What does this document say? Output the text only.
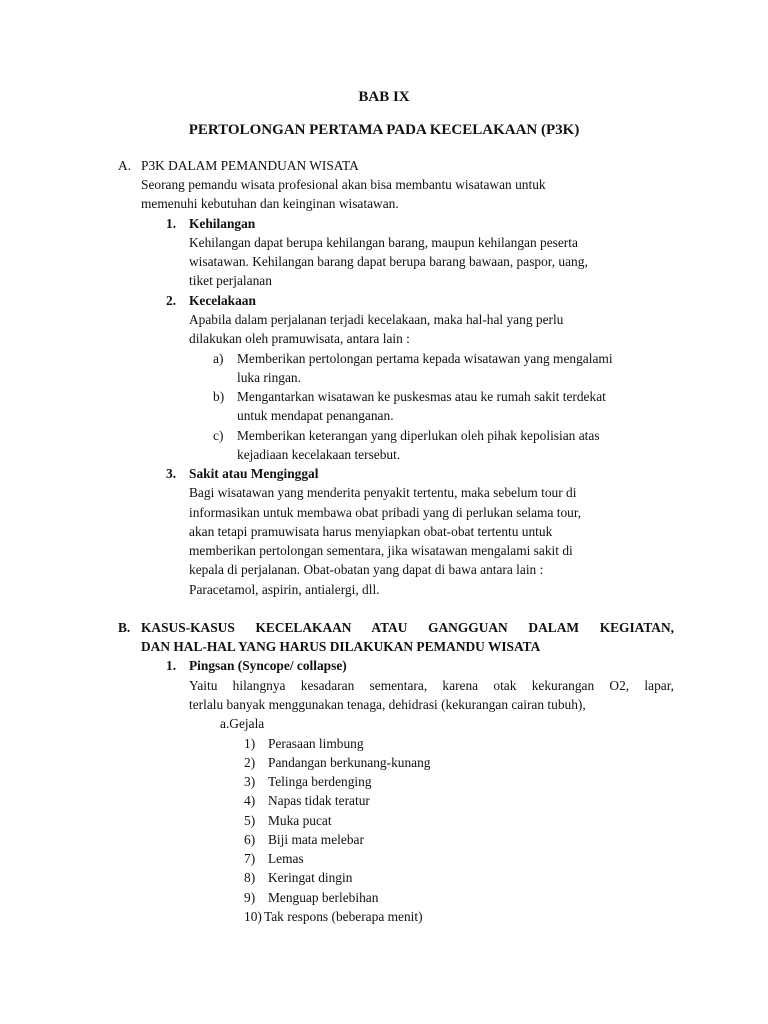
BAB IX
PERTOLONGAN PERTAMA PADA KECELAKAAN (P3K)
A. P3K DALAM PEMANDUAN WISATA
Seorang pemandu wisata profesional akan bisa membantu wisatawan untuk
memenuhi kebutuhan dan keinginan wisatawan.
1. Kehilangan
Kehilangan dapat berupa kehilangan barang, maupun kehilangan peserta
wisatawan. Kehilangan barang dapat berupa barang bawaan, paspor, uang,
tiket perjalanan
2. Kecelakaan
Apabila dalam perjalanan terjadi kecelakaan, maka hal-hal yang perlu
dilakukan oleh pramuwisata, antara lain :
a) Memberikan pertolongan pertama kepada wisatawan yang mengalami
luka ringan.
b) Mengantarkan wisatawan ke puskesmas atau ke rumah sakit terdekat
untuk mendapat penanganan.
c) Memberikan keterangan yang diperlukan oleh pihak kepolisian atas
kejadiaan kecelakaan tersebut.
3. Sakit atau Menginggal
Bagi wisatawan yang menderita penyakit tertentu, maka sebelum tour di
informasikan untuk membawa obat pribadi yang di perlukan selama tour,
akan tetapi pramuwisata harus menyiapkan obat-obat tertentu untuk
memberikan pertolongan sementara, jika wisatawan mengalami sakit di
kepala di perjalanan. Obat-obatan yang dapat di bawa antara lain :
Paracetamol, aspirin, antialergi, dll.
B. KASUS-KASUS KECELAKAAN ATAU GANGGUAN DALAM KEGIATAN,
DAN HAL-HAL YANG HARUS DILAKUKAN PEMANDU WISATA
1. Pingsan (Syncope/ collapse)
Yaitu hilangnya kesadaran sementara, karena otak kekurangan O2, lapar,
terlalu banyak menggunakan tenaga, dehidrasi (kekurangan cairan tubuh),
a.Gejala
1) Perasaan limbung
2) Pandangan berkunang-kunang
3) Telinga berdenging
4) Napas tidak teratur
5) Muka pucat
6) Biji mata melebar
7) Lemas
8) Keringat dingin
9) Menguap berlebihan
10) Tak respons (beberapa menit)
